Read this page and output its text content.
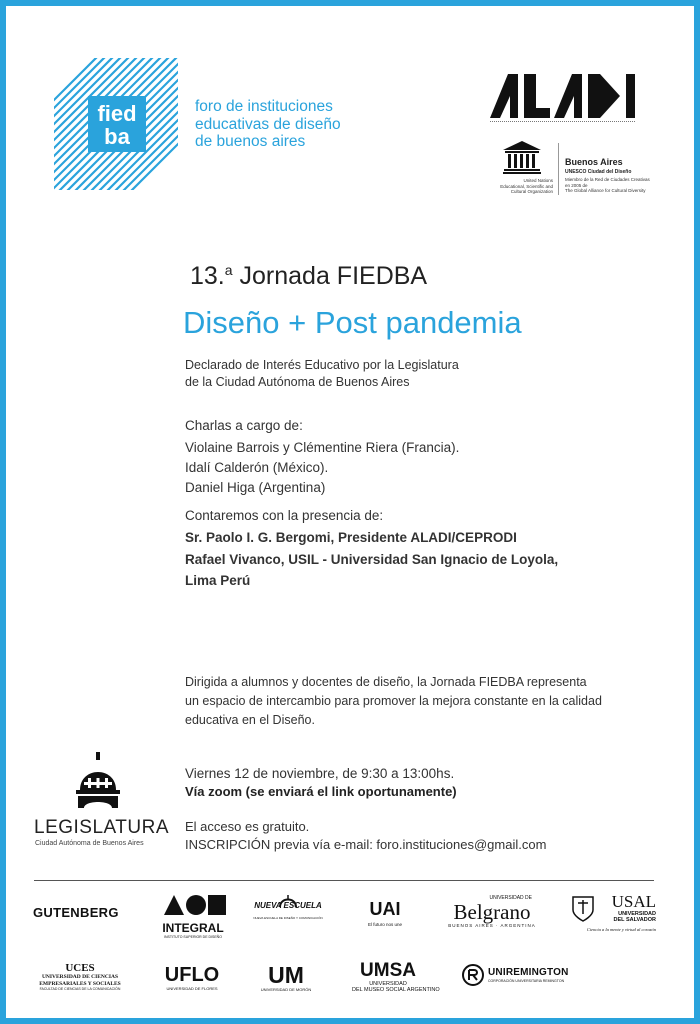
fied
ba
foro de instituciones
educativas de diseño
de buenos aires
United Nations
Educational, Scientific and
Cultural Organization
Buenos Aires
UNESCO Ciudad del Diseño
Miembro de la Red de Ciudades Creativas
en 2005 de
The Global Alliance for Cultural Diversity
13.$^a$ Jornada FIEDBA
Diseño + Post pandemia
Declarado de Interés Educativo por la Legislatura
de la Ciudad Autónoma de Buenos Aires
Charlas a cargo de:
Violaine Barrois y Clémentine Riera (Francia).
Idalí Calderón (México).
Daniel Higa (Argentina)
Contaremos con la presencia de:
Sr. Paolo I. G. Bergomi, Presidente ALADI/CEPRODI
Rafael Vivanco, USIL - Universidad San Ignacio de Loyola,
Lima Perú
Dirigida a alumnos y docentes de diseño, la Jornada FIEDBA representa
un espacio de intercambio para promover la mejora constante en la calidad
educativa en el Diseño.
LEGISLATURA
Ciudad Autónoma de Buenos Aires
Viernes 12 de noviembre, de 9:30 a 13:00hs.
Vía zoom (se enviará el link oportunamente)
El acceso es gratuito.
INSCRIPCIÓN previa vía e-mail: foro.instituciones@gmail.com
GUTENBERG
INTEGRAL
INSTITUTO SUPERIOR DE DISEÑO
NUEVA ESCUELA
NUEVA ESCUELA DE DISEÑO Y COMUNICACIÓN	UAI
El futuro nos une
UNIVERSIDAD DE
Belgrano
BUENOS AIRES · ARGENTINA
USAL
UNIVERSIDAD
DEL SALVADOR
Ciencia a la mente y virtud al corazón
UCES
UNIVERSIDAD DE CIENCIAS
EMPRESARIALES Y SOCIALES
FACULTAD DE CIENCIAS DE LA COMUNICACIÓN
UFLO
UNIVERSIDAD DE FLORES
UM
UNIVERSIDAD DE MORÓN
UMSA
UNIVERSIDAD
DEL MUSEO SOCIAL ARGENTINO
UNIREMINGTON
CORPORACIÓN UNIVERSITARIA REMINGTON
